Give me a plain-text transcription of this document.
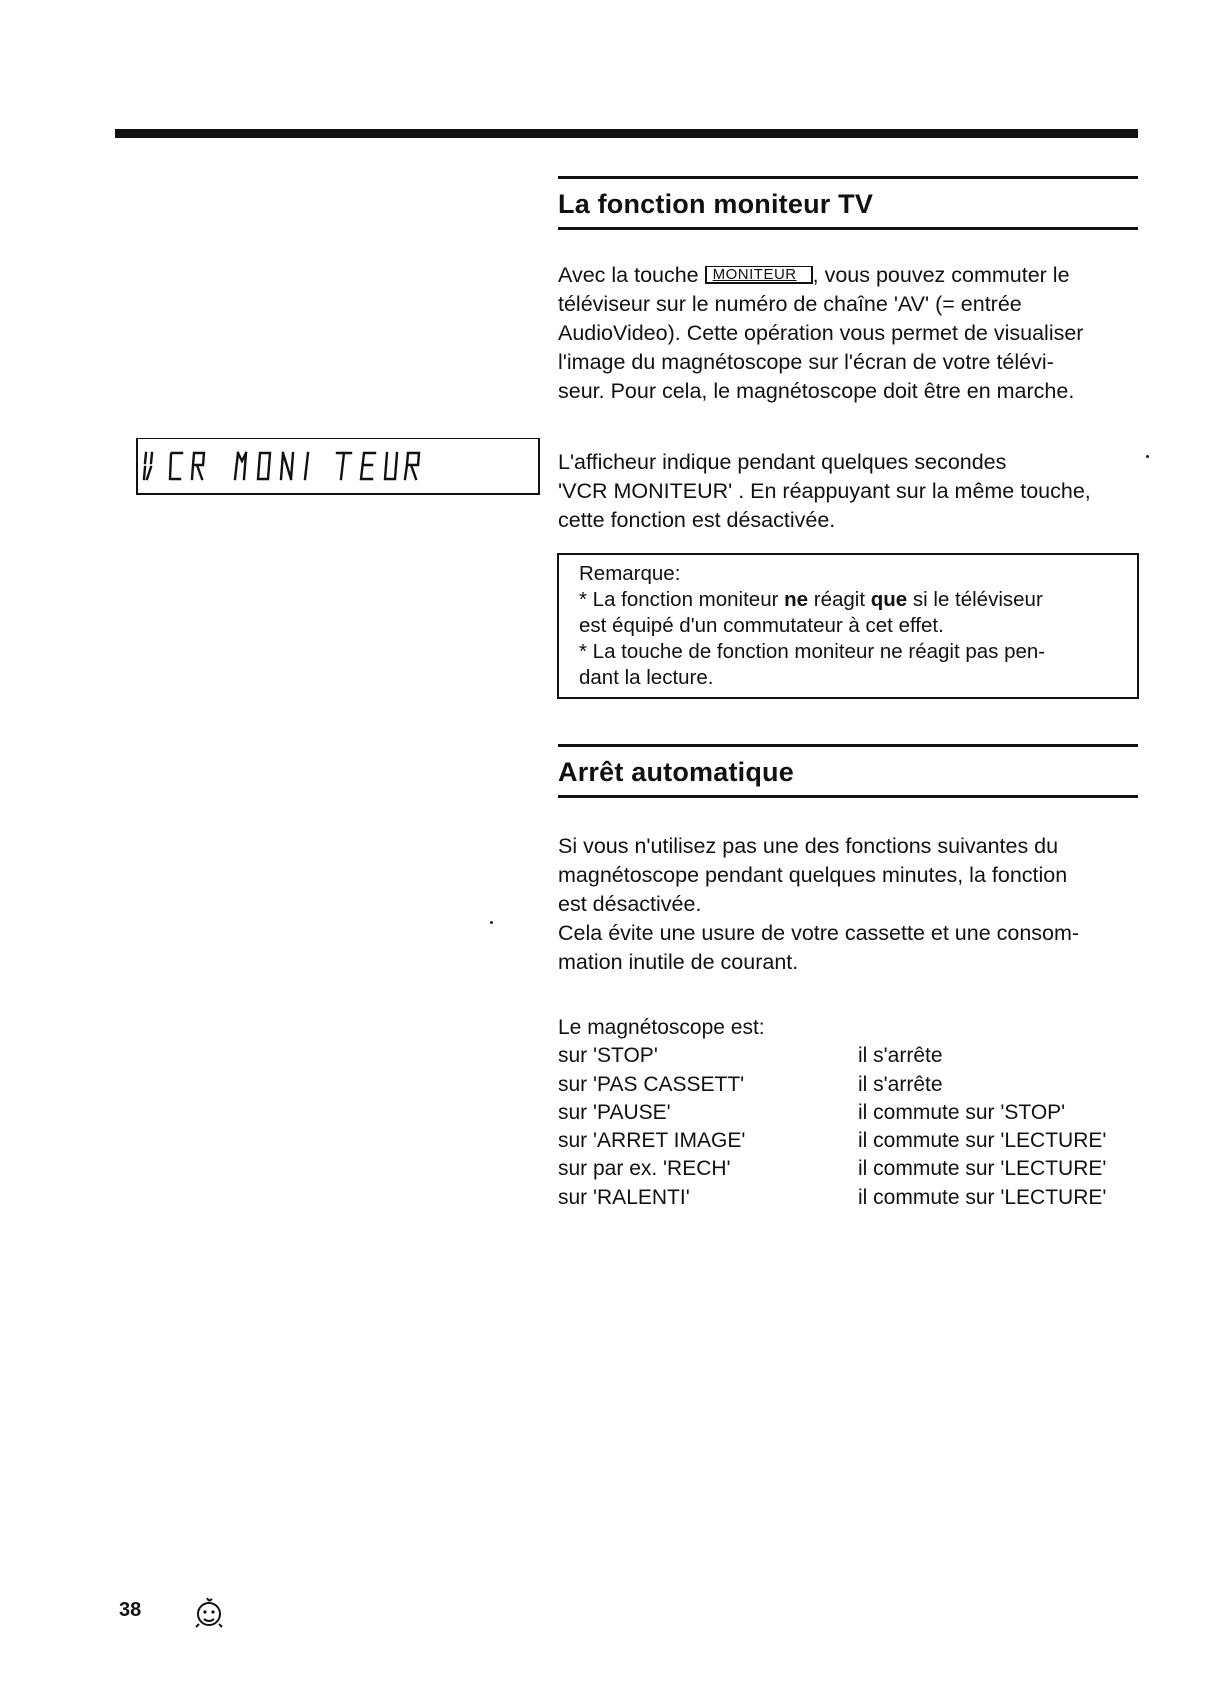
La fonction moniteur TV

Avec la touche MONITEUR , vous pouvez commuter le

téléviseur sur le numéro de chaîne 'AV' (= entrée

AudioVideo). Cette opération vous permet de visualiser

l'image du magnétoscope sur l'écran de votre télévi-

seur. Pour cela, le magnétoscope doit être en marche.

L'afficheur indique pendant quelques secondes

'VCR MONITEUR' . En réappuyant sur la même touche,

cette fonction est désactivée.

Remarque:

* La fonction moniteur ne réagit que si le téléviseur

est équipé d'un commutateur à cet effet.

* La touche de fonction moniteur ne réagit pas pen-

dant la lecture.

Arrêt automatique

Si vous n'utilisez pas une des fonctions suivantes du

magnétoscope pendant quelques minutes, la fonction

est désactivée.

Cela évite une usure de votre cassette et une consom-

mation inutile de courant.

Le magnétoscope est:
sur 'STOP'	il s'arrête
sur 'PAS CASSETT'	il s'arrête
sur 'PAUSE'	il commute sur 'STOP'
sur 'ARRET IMAGE'	il commute sur 'LECTURE'
sur par ex. 'RECH'	il commute sur 'LECTURE'
sur 'RALENTI'	il commute sur 'LECTURE'
38
